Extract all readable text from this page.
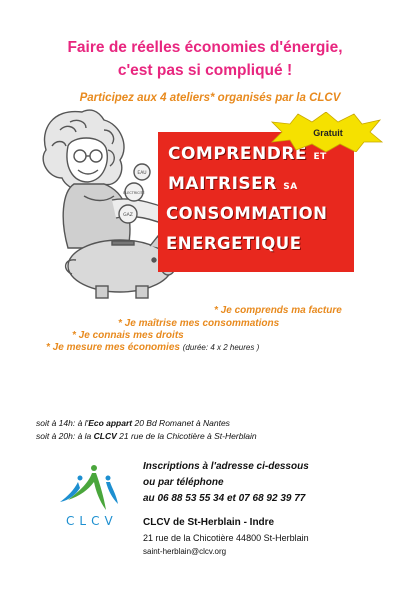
Faire de réelles économies d'énergie,
c'est pas si compliqué !
EAU
ÉLECTRICITÉ
GAZ
Participez aux 4 ateliers* organisés par la CLCV
COMPRENDRE ET
MAITRISER SA
CONSOMMATION
ENERGETIQUE
Gratuit
* Je comprends ma facture
* Je maîtrise mes consommations
* Je connais mes droits
* Je mesure mes économies (durée: 4 x 2 heures )
soit à 14h: à l'Eco appart 20 Bd Romanet à Nantes
soit à 20h: à la CLCV 21 rue de la Chicotière à St-Herblain
Inscriptions à l'adresse ci-dessous
ou par téléphone
au 06 88 53 55 34 et 07 68 92 39 77
CLCV	CLCV de St-Herblain - Indre
21 rue de la Chicotière 44800 St-Herblain
saint-herblain@clcv.org
